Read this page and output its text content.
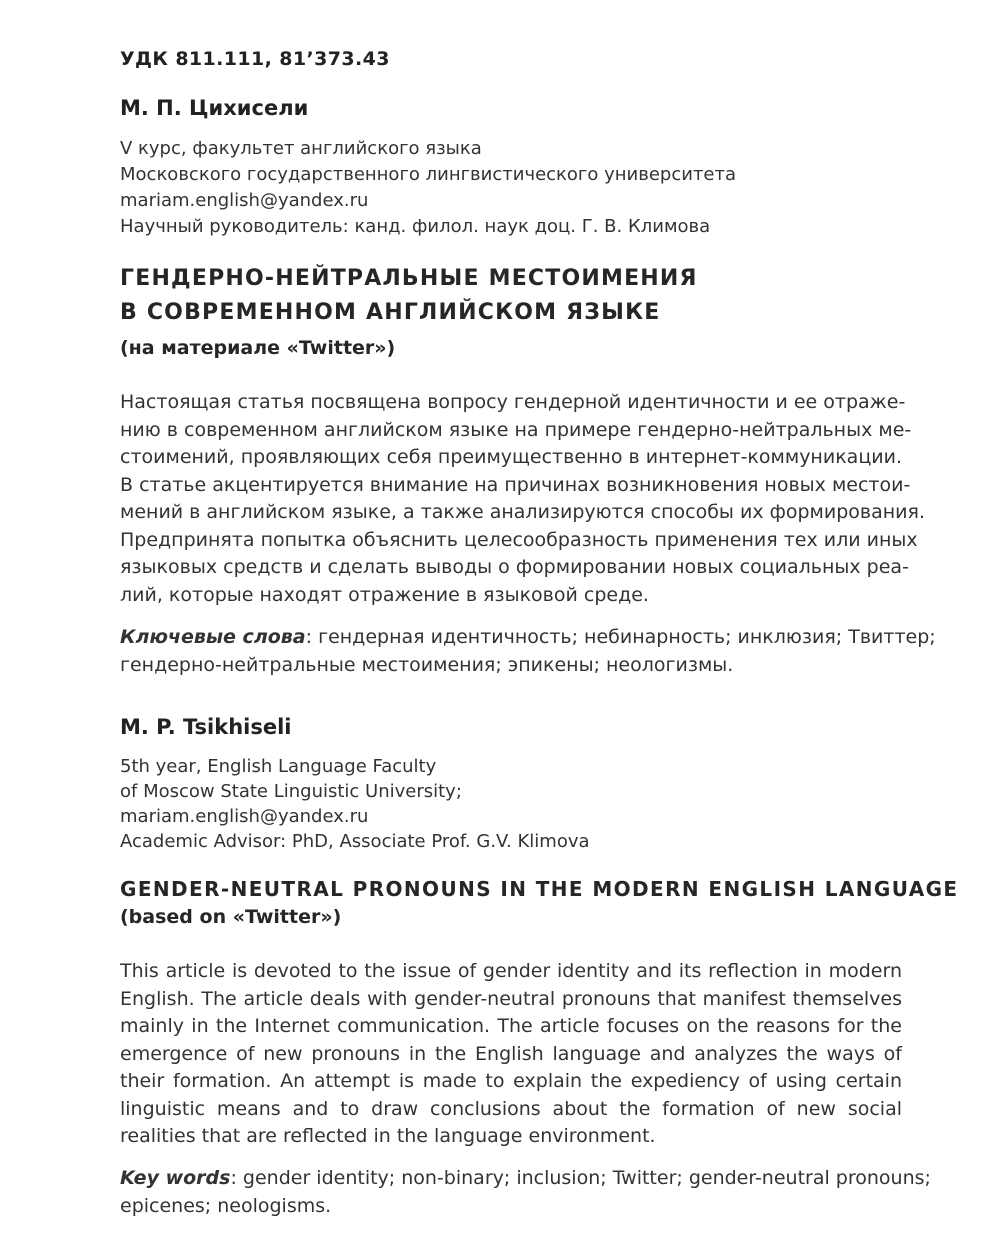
УДК 811.111, 81’373.43
М. П. Цихисели
V курс, факультет английского языка
Московского государственного лингвистического университета
mariam.english@yandex.ru
Научный руководитель: канд. филол. наук доц. Г. В. Климова
ГЕНДЕРНО-НЕЙТРАЛЬНЫЕ МЕСТОИМЕНИЯ
В СОВРЕМЕННОМ АНГЛИЙСКОМ ЯЗЫКЕ
(на материале «Twitter»)
Настоящая статья посвящена вопросу гендерной идентичности и ее отраже-
нию в современном английском языке на примере гендерно-нейтральных ме-
стоимений, проявляющих себя преимущественно в интернет-коммуникации.
В статье акцентируется внимание на причинах возникновения новых местои-
мений в английском языке, а также анализируются способы их формирования.
Предпринята попытка объяснить целесообразность применения тех или иных
языковых средств и сделать выводы о формировании новых социальных реа-
лий, которые находят отражение в языковой среде.
Ключевые слова: гендерная идентичность; небинарность; инклюзия; Твиттер;
гендерно-нейтральные местоимения; эпикены; неологизмы.
M. P. Tsikhiseli
5th year, English Language Faculty
of Moscow State Linguistic University;
mariam.english@yandex.ru
Academic Advisor: PhD, Associate Prof. G.V. Klimova
GENDER-NEUTRAL PRONOUNS IN THE MODERN ENGLISH LANGUAGE
(based on «Twitter»)
This article is devoted to the issue of gender identity and its reflection in modern
English. The article deals with gender-neutral pronouns that manifest themselves
mainly in the Internet communication. The article focuses on the reasons for the
emergence of new pronouns in the English language and analyzes the ways of
their formation. An attempt is made to explain the expediency of using certain
linguistic means and to draw conclusions about the formation of new social
realities that are reflected in the language environment.
Key words: gender identity; non-binary; inclusion; Twitter; gender-neutral pronouns;
epicenes; neologisms.
